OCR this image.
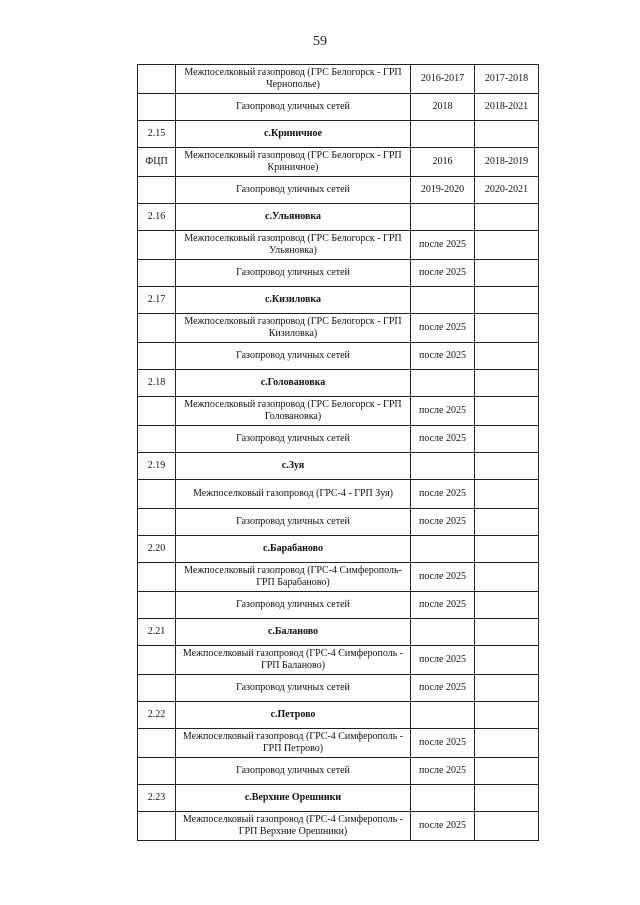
59
	Межпоселковый газопровод (ГРС Белогорск - ГРП Чернополье)	2016-2017	2017-2018
	Газопровод уличных сетей	2018	2018-2021
2.15	с.Криничное		
ФЦП	Межпоселковый газопровод (ГРС Белогорск - ГРП Криничное)	2016	2018-2019
	Газопровод уличных сетей	2019-2020	2020-2021
2.16	с.Ульяновка		
	Межпоселковый газопровод (ГРС Белогорск - ГРП Ульяновка)	после 2025	
	Газопровод уличных сетей	после 2025	
2.17	с.Кизиловка		
	Межпоселковый газопровод (ГРС Белогорск - ГРП Кизиловка)	после 2025	
	Газопровод уличных сетей	после 2025	
2.18	с.Головановка		
	Межпоселковый газопровод (ГРС Белогорск - ГРП Головановка)	после 2025	
	Газопровод уличных сетей	после 2025	
2.19	с.Зуя		
	Межпоселковый газопровод (ГРС-4 - ГРП Зуя)	после 2025	
	Газопровод уличных сетей	после 2025	
2.20	с.Барабаново		
	Межпоселковый газопровод (ГРС-4 Симферополь- ГРП Барабаново)	после 2025	
	Газопровод уличных сетей	после 2025	
2.21	с.Баланово		
	Межпоселковый газопровод (ГРС-4 Симферополь - ГРП Баланово)	после 2025	
	Газопровод уличных сетей	после 2025	
2.22	с.Петрово		
	Межпоселковый газопровод (ГРС-4 Симферополь - ГРП Петрово)	после 2025	
	Газопровод уличных сетей	после 2025	
2.23	с.Верхние Орешники		
	Межпоселковый газопровод (ГРС-4 Симферополь - ГРП Верхние Орешники)	после 2025	
